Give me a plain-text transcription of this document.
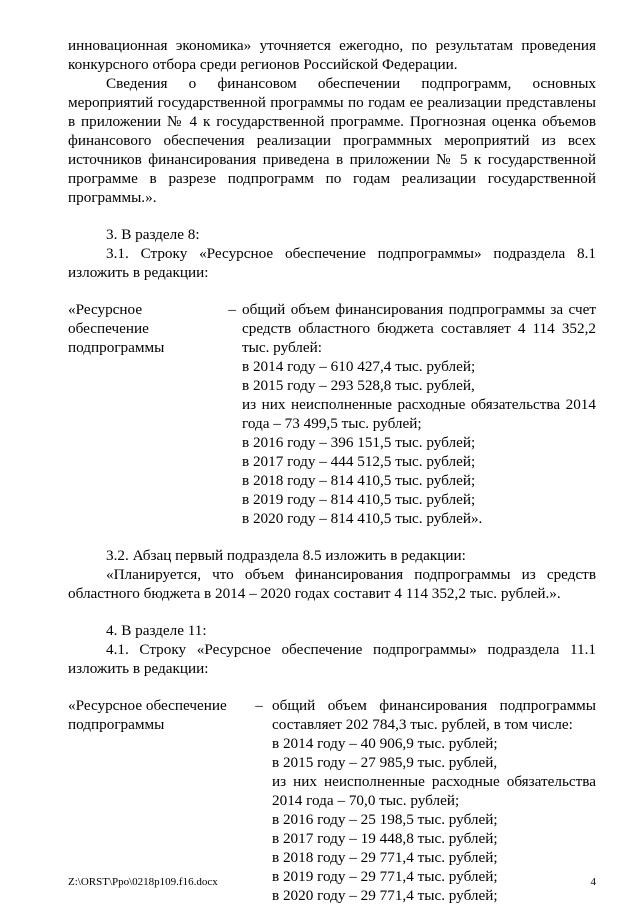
инновационная экономика» уточняется ежегодно, по результатам проведения конкурсного отбора среди регионов Российской Федерации.

Сведения о финансовом обеспечении подпрограмм, основных мероприятий государственной программы по годам ее реализации представлены в приложении № 4 к государственной программе. Прогнозная оценка объемов финансового обеспечения реализации программных мероприятий из всех источников финансирования приведена в приложении № 5 к государственной программе в разрезе подпрограмм по годам реализации государственной программы.».

3. В разделе 8:

3.1. Строку «Ресурсное обеспечение подпрограммы» подраздела 8.1 изложить в редакции:

«Ресурсное обеспечение подпрограммы
– общий объем финансирования подпрограммы за счет средств областного бюджета составляет 4 114 352,2 тыс. рублей:
в 2014 году – 610 427,4 тыс. рублей;
в 2015 году – 293 528,8 тыс. рублей,
из них неисполненные расходные обязательства 2014 года – 73 499,5 тыс. рублей;
в 2016 году – 396 151,5 тыс. рублей;
в 2017 году – 444 512,5 тыс. рублей;
в 2018 году – 814 410,5 тыс. рублей;
в 2019 году – 814 410,5 тыс. рублей;
в 2020 году – 814 410,5 тыс. рублей».

3.2. Абзац первый подраздела 8.5 изложить в редакции:

«Планируется, что объем финансирования подпрограммы из средств областного бюджета в 2014 – 2020 годах составит 4 114 352,2 тыс. рублей.».

4. В разделе 11:

4.1. Строку «Ресурсное обеспечение подпрограммы» подраздела 11.1 изложить в редакции:

«Ресурсное обеспечение подпрограммы
– общий объем финансирования подпрограммы составляет 202 784,3 тыс. рублей, в том числе:
в 2014 году – 40 906,9 тыс. рублей;
в 2015 году – 27 985,9 тыс. рублей,
из них неисполненные расходные обязательства 2014 года – 70,0 тыс. рублей;
в 2016 году – 25 198,5 тыс. рублей;
в 2017 году – 19 448,8 тыс. рублей;
в 2018 году – 29 771,4 тыс. рублей;
в 2019 году – 29 771,4 тыс. рублей;
в 2020 году – 29 771,4 тыс. рублей;
Z:\ORST\Ppo\0218p109.f16.docx	4
